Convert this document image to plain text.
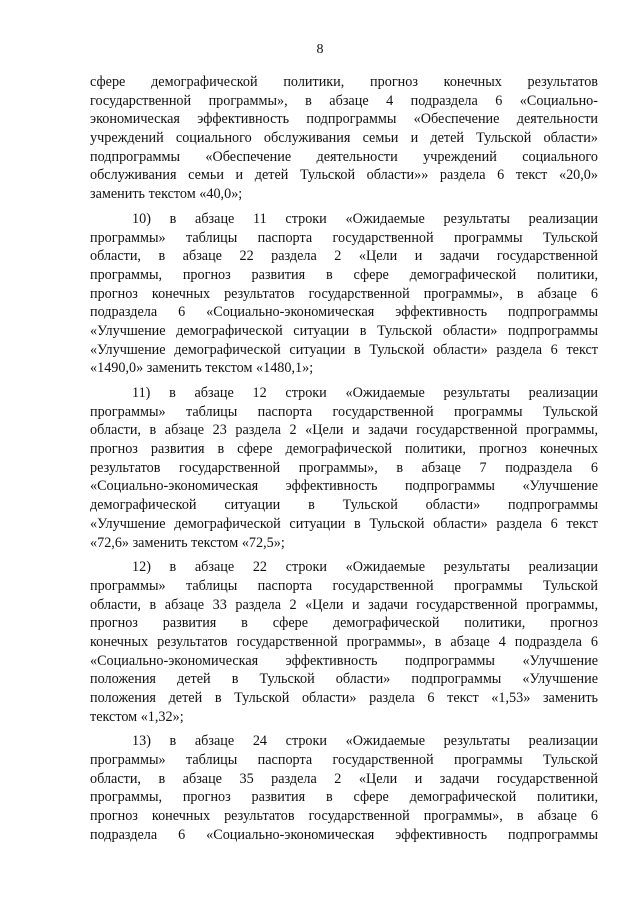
8
сфере демографической политики, прогноз конечных результатов
государственной программы», в абзаце 4 подраздела 6 «Социально-
экономическая эффективность подпрограммы «Обеспечение деятельности
учреждений социального обслуживания семьи и детей Тульской области»
подпрограммы «Обеспечение деятельности учреждений социального
обслуживания семьи и детей Тульской области»» раздела 6 текст «20,0»
заменить текстом «40,0»;
10) в абзаце 11 строки «Ожидаемые результаты реализации
программы» таблицы паспорта государственной программы Тульской
области, в абзаце 22 раздела 2 «Цели и задачи государственной
программы, прогноз развития в сфере демографической политики,
прогноз конечных результатов государственной программы», в абзаце 6
подраздела 6 «Социально-экономическая эффективность подпрограммы
«Улучшение демографической ситуации в Тульской области» подпрограммы
«Улучшение демографической ситуации в Тульской области» раздела 6 текст
«1490,0» заменить текстом «1480,1»;
11) в абзаце 12 строки «Ожидаемые результаты реализации
программы» таблицы паспорта государственной программы Тульской
области, в абзаце 23 раздела 2 «Цели и задачи государственной программы,
прогноз развития в сфере демографической политики, прогноз конечных
результатов государственной программы», в абзаце 7 подраздела 6
«Социально-экономическая эффективность подпрограммы «Улучшение
демографической ситуации в Тульской области» подпрограммы
«Улучшение демографической ситуации в Тульской области» раздела 6 текст
«72,6» заменить текстом «72,5»;
12) в абзаце 22 строки «Ожидаемые результаты реализации
программы» таблицы паспорта государственной программы Тульской
области, в абзаце 33 раздела 2 «Цели и задачи государственной программы,
прогноз развития в сфере демографической политики, прогноз
конечных результатов государственной программы», в абзаце 4 подраздела 6
«Социально-экономическая эффективность подпрограммы «Улучшение
положения детей в Тульской области» подпрограммы «Улучшение
положения детей в Тульской области» раздела 6 текст «1,53» заменить
текстом «1,32»;
13) в абзаце 24 строки «Ожидаемые результаты реализации
программы» таблицы паспорта государственной программы Тульской
области, в абзаце 35 раздела 2 «Цели и задачи государственной
программы, прогноз развития в сфере демографической политики,
прогноз конечных результатов государственной программы», в абзаце 6
подраздела 6 «Социально-экономическая эффективность подпрограммы
